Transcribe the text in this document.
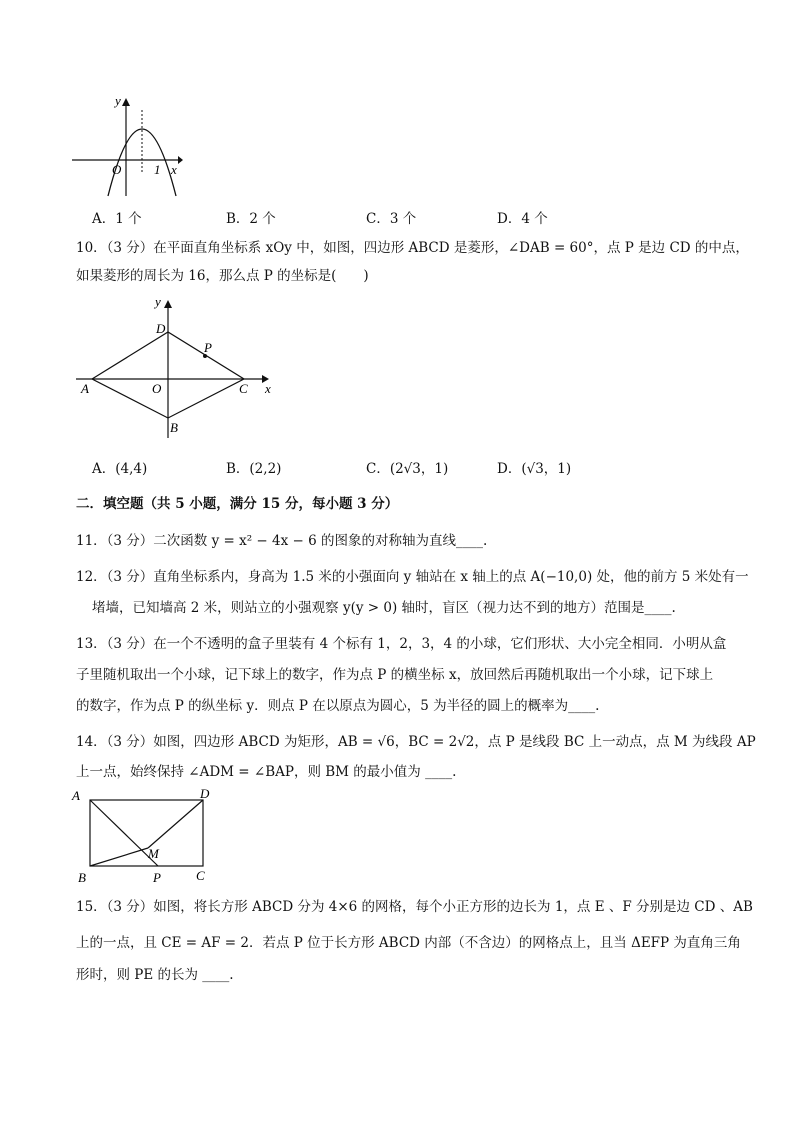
y
O	1 x
A．1 个	B．2 个	C．3 个	D．4 个
10．（3 分）在平面直角坐标系 xOy 中，如图，四边形 ABCD 是菱形，∠DAB = 60°，点 P 是边 CD 的中点，
如果菱形的周长为 16，那么点 P 的坐标是(　　)
y
D
P
A	O	C x
B
A．(4,4)	B．(2,2)	C．(2√3，1)	D．(√3，1)
二．填空题（共 5 小题，满分 15 分，每小题 3 分）
11．（3 分）二次函数 y = x² − 4x − 6 的图象的对称轴为直线____.
12．（3 分）直角坐标系内，身高为 1.5 米的小强面向 y 轴站在 x 轴上的点 A(−10,0) 处，他的前方 5 米处有一
堵墙，已知墙高 2 米，则站立的小强观察 y(y > 0) 轴时，盲区（视力达不到的地方）范围是____.
13．（3 分）在一个不透明的盒子里装有 4 个标有 1，2，3，4 的小球，它们形状、大小完全相同．小明从盒
子里随机取出一个小球，记下球上的数字，作为点 P 的横坐标 x，放回然后再随机取出一个小球，记下球上
的数字，作为点 P 的纵坐标 y．则点 P 在以原点为圆心，5 为半径的圆上的概率为____.
14．（3 分）如图，四边形 ABCD 为矩形，AB = √6，BC = 2√2，点 P 是线段 BC 上一动点，点 M 为线段 AP
上一点，始终保持 ∠ADM = ∠BAP，则 BM 的最小值为 ____.
A	D
M
B	P	C
15．（3 分）如图，将长方形 ABCD 分为 4×6 的网格，每个小正方形的边长为 1，点 E 、F 分别是边 CD 、AB
上的一点，且 CE = AF = 2．若点 P 位于长方形 ABCD 内部（不含边）的网格点上，且当 ΔEFP 为直角三角
形时，则 PE 的长为 ____.
